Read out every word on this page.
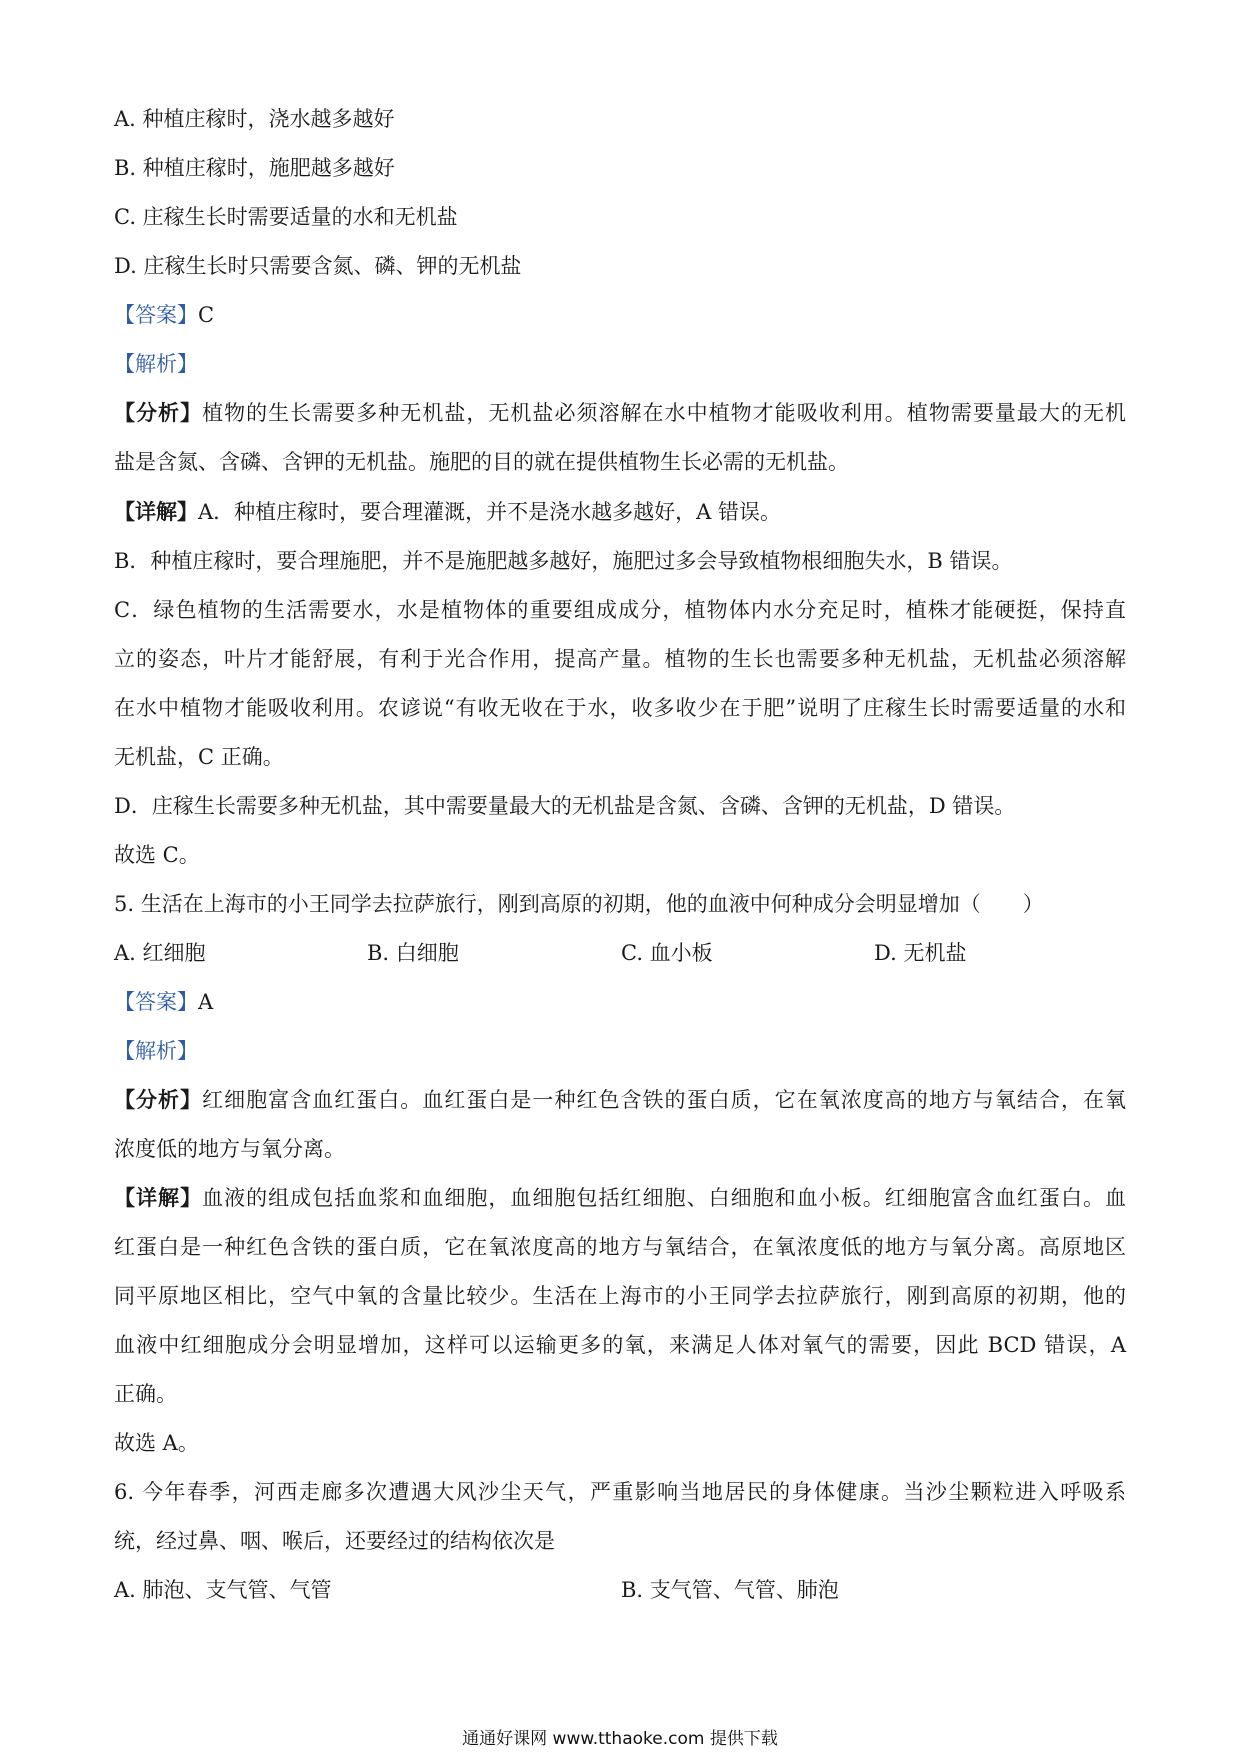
A. 种植庄稼时，浇水越多越好
B. 种植庄稼时，施肥越多越好
C. 庄稼生长时需要适量的水和无机盐
D. 庄稼生长时只需要含氮、磷、钾的无机盐
【答案】C
【解析】
【分析】植物的生长需要多种无机盐，无机盐必须溶解在水中植物才能吸收利用。植物需要量最大的无机
盐是含氮、含磷、含钾的无机盐。施肥的目的就在提供植物生长必需的无机盐。
【详解】A．种植庄稼时，要合理灌溉，并不是浇水越多越好，A 错误。
B．种植庄稼时，要合理施肥，并不是施肥越多越好，施肥过多会导致植物根细胞失水，B 错误。
C．绿色植物的生活需要水，水是植物体的重要组成成分，植物体内水分充足时，植株才能硬挺，保持直
立的姿态，叶片才能舒展，有利于光合作用，提高产量。植物的生长也需要多种无机盐，无机盐必须溶解
在水中植物才能吸收利用。农谚说“有收无收在于水，收多收少在于肥”说明了庄稼生长时需要适量的水和
无机盐，C 正确。
D．庄稼生长需要多种无机盐，其中需要量最大的无机盐是含氮、含磷、含钾的无机盐，D 错误。
故选 C。
5. 生活在上海市的小王同学去拉萨旅行，刚到高原的初期，他的血液中何种成分会明显增加（　　）
A. 红细胞	B. 白细胞	C. 血小板	D. 无机盐
【答案】A
【解析】
【分析】红细胞富含血红蛋白。血红蛋白是一种红色含铁的蛋白质，它在氧浓度高的地方与氧结合，在氧
浓度低的地方与氧分离。
【详解】血液的组成包括血浆和血细胞，血细胞包括红细胞、白细胞和血小板。红细胞富含血红蛋白。血
红蛋白是一种红色含铁的蛋白质，它在氧浓度高的地方与氧结合，在氧浓度低的地方与氧分离。高原地区
同平原地区相比，空气中氧的含量比较少。生活在上海市的小王同学去拉萨旅行，刚到高原的初期，他的
血液中红细胞成分会明显增加，这样可以运输更多的氧，来满足人体对氧气的需要，因此 BCD 错误，A
正确。
故选 A。
6. 今年春季，河西走廊多次遭遇大风沙尘天气，严重影响当地居民的身体健康。当沙尘颗粒进入呼吸系
统，经过鼻、咽、喉后，还要经过的结构依次是
A. 肺泡、支气管、气管	B. 支气管、气管、肺泡
通通好课网 www.tthaoke.com 提供下载
